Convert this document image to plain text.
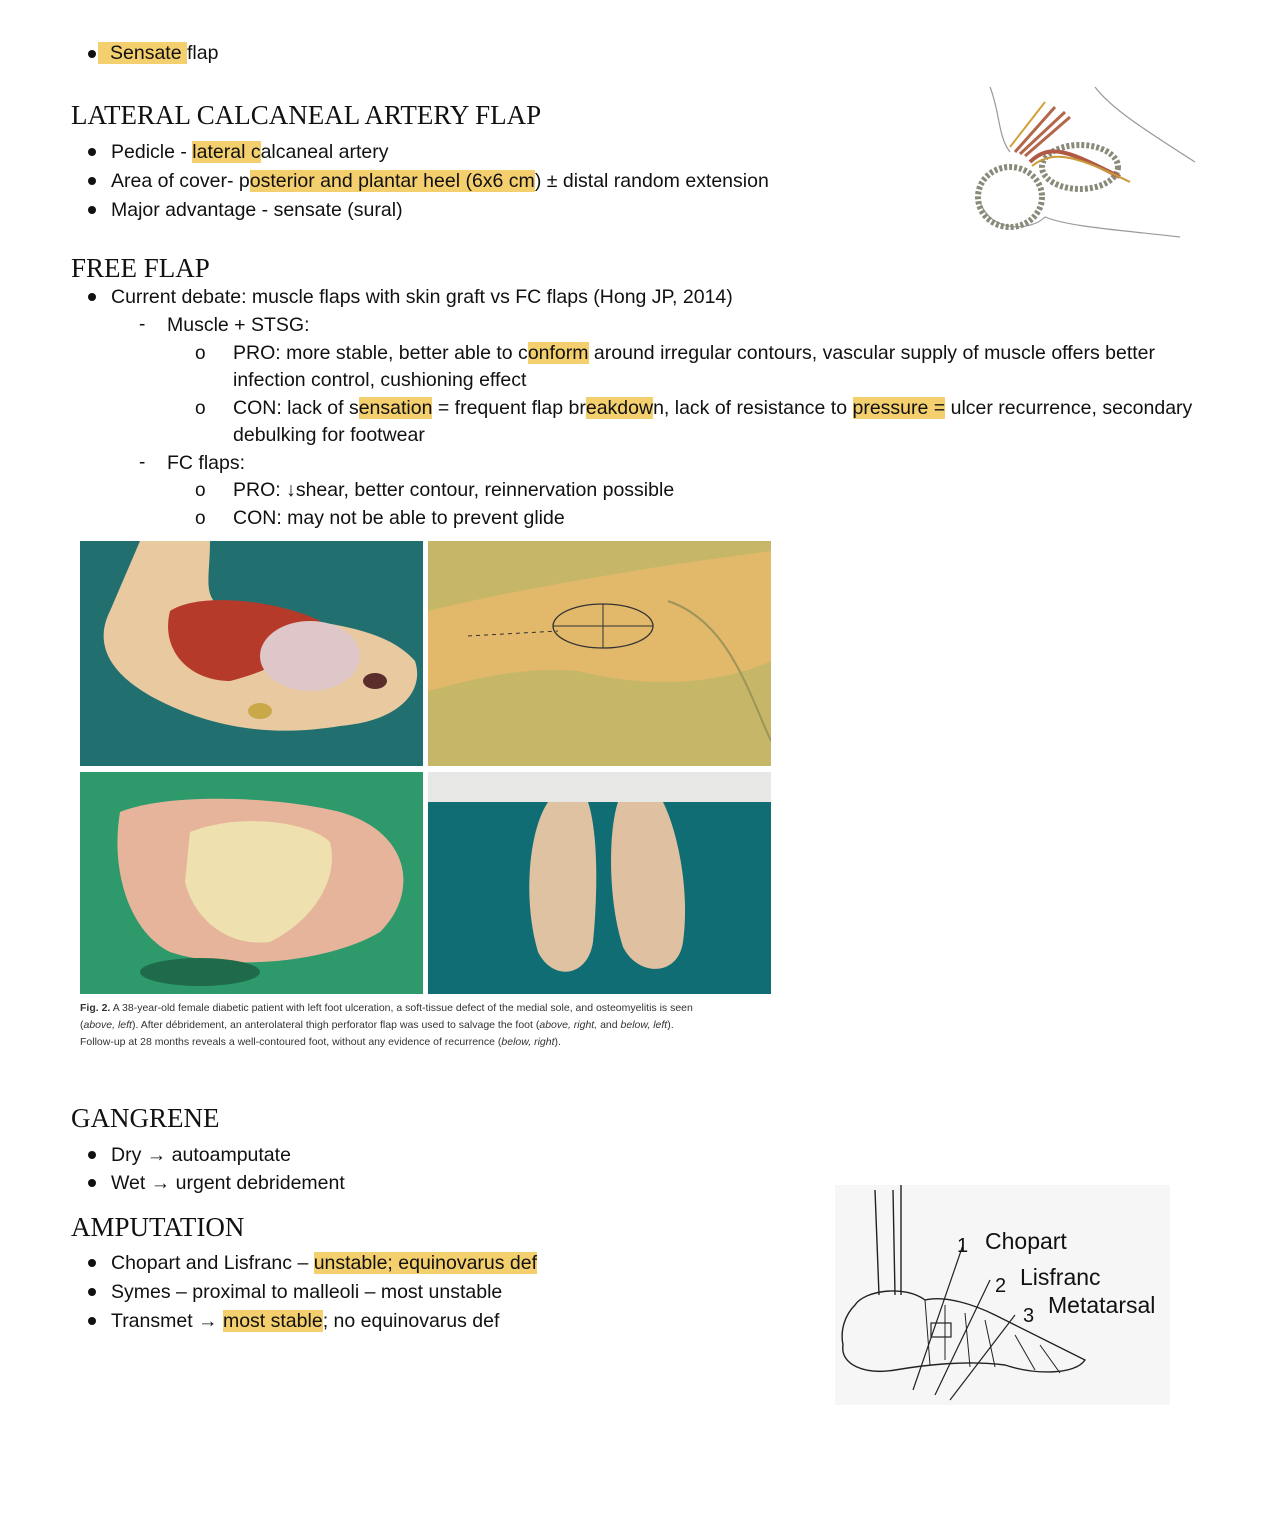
Sensate flap
LATERAL CALCANEAL ARTERY FLAP
Pedicle - lateral calcaneal artery
Area of cover- posterior and plantar heel (6x6 cm) ± distal random extension
Major advantage - sensate (sural)
FREE FLAP
Current debate: muscle flaps with skin graft vs FC flaps (Hong JP, 2014)
- Muscle + STSG:
o PRO: more stable, better able to conform around irregular contours, vascular supply of muscle offers better
infection control, cushioning effect
o CON: lack of sensation = frequent flap breakdown, lack of resistance to pressure = ulcer recurrence, secondary
debulking for footwear
- FC flaps:
o PRO: ↓shear, better contour, reinnervation possible
o CON: may not be able to prevent glide
Fig. 2. A 38-year-old female diabetic patient with left foot ulceration, a soft-tissue defect of the medial sole, and osteomyelitis is seen
(above, left). After débridement, an anterolateral thigh perforator flap was used to salvage the foot (above, right, and below, left).
Follow-up at 28 months reveals a well-contoured foot, without any evidence of recurrence (below, right).
GANGRENE
Dry → autoamputate
Wet → urgent debridement
AMPUTATION
Chopart and Lisfranc – unstable; equinovarus def
Symes – proximal to malleoli – most unstable
Transmet → most stable; no equinovarus def
1 Chopart
2 Lisfranc
3 Metatarsal
